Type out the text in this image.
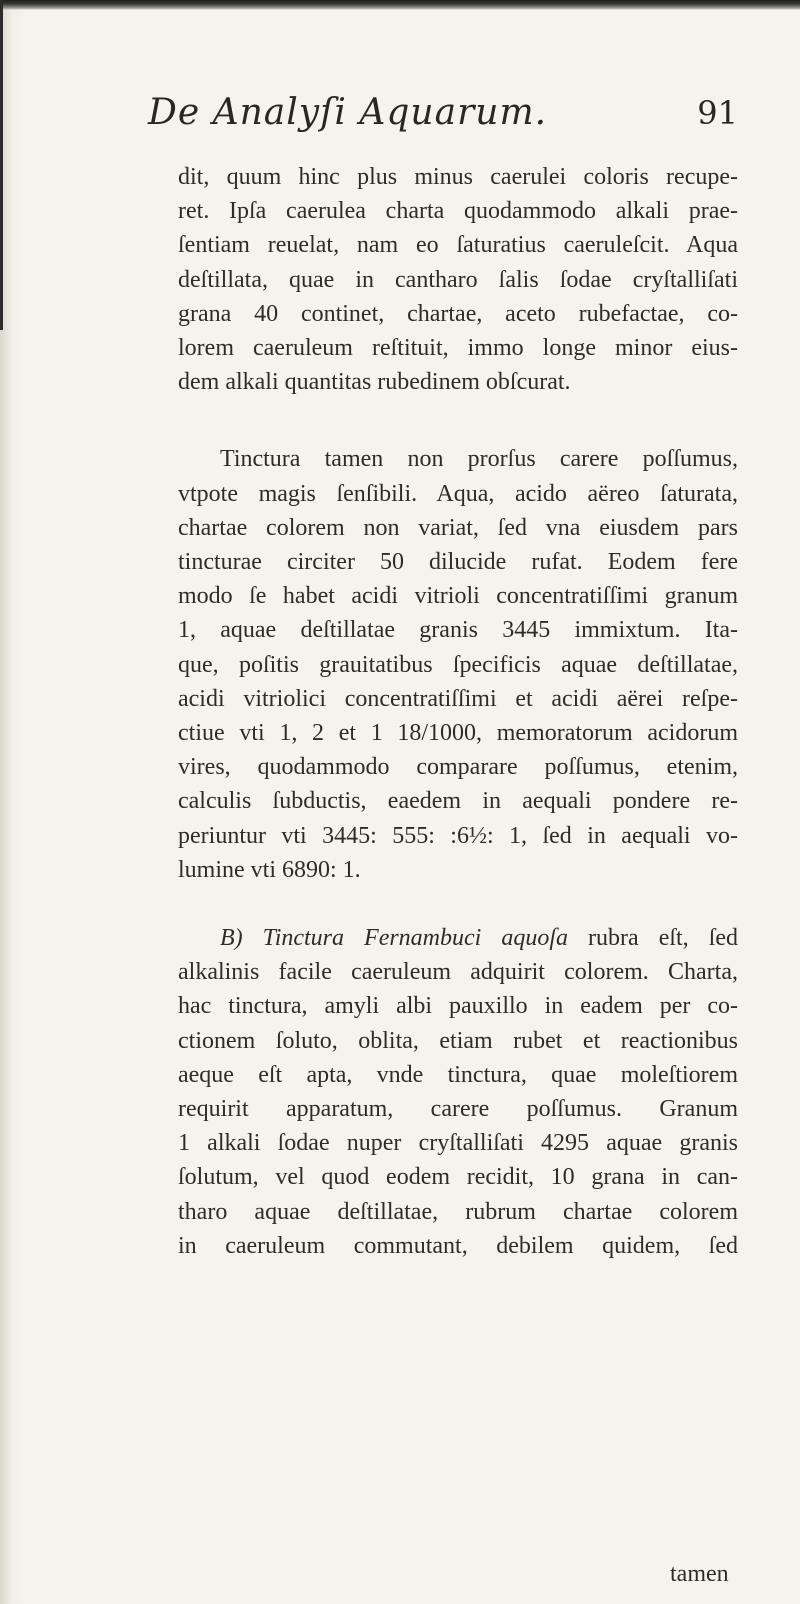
De Analyſi Aquarum.	91
dit, quum hinc plus minus caerulei coloris recupe-
ret. Ipſa caerulea charta quodammodo alkali prae-
ſentiam reuelat, nam eo ſaturatius caeruleſcit. Aqua
deſtillata, quae in cantharo ſalis ſodae cryſtalliſati
grana 40 continet, chartae, aceto rubefactae, co-
lorem caeruleum reſtituit, immo longe minor eius-
dem alkali quantitas rubedinem obſcurat.
Tinctura tamen non prorſus carere poſſumus,
vtpote magis ſenſibili. Aqua, acido aëreo ſaturata,
chartae colorem non variat, ſed vna eiusdem pars
tincturae circiter 50 dilucide rufat. Eodem fere
modo ſe habet acidi vitrioli concentratiſſimi granum
1, aquae deſtillatae granis 3445 immixtum. Ita-
que, poſitis grauitatibus ſpecificis aquae deſtillatae,
acidi vitriolici concentratiſſimi et acidi aërei reſpe-
ctiue vti 1, 2 et 1 18/1000, memoratorum acidorum
vires, quodammodo comparare poſſumus, etenim,
calculis ſubductis, eaedem in aequali pondere re-
periuntur vti 3445: 555: :6½: 1, ſed in aequali vo-
lumine vti 6890: 1.
B) Tinctura Fernambuci aquoſa rubra eſt, ſed
alkalinis facile caeruleum adquirit colorem. Charta,
hac tinctura, amyli albi pauxillo in eadem per co-
ctionem ſoluto, oblita, etiam rubet et reactionibus
aeque eſt apta, vnde tinctura, quae moleſtiorem
requirit apparatum, carere poſſumus. Granum
1 alkali ſodae nuper cryſtalliſati 4295 aquae granis
ſolutum, vel quod eodem recidit, 10 grana in can-
tharo aquae deſtillatae, rubrum chartae colorem
in caeruleum commutant, debilem quidem, ſed
tamen
